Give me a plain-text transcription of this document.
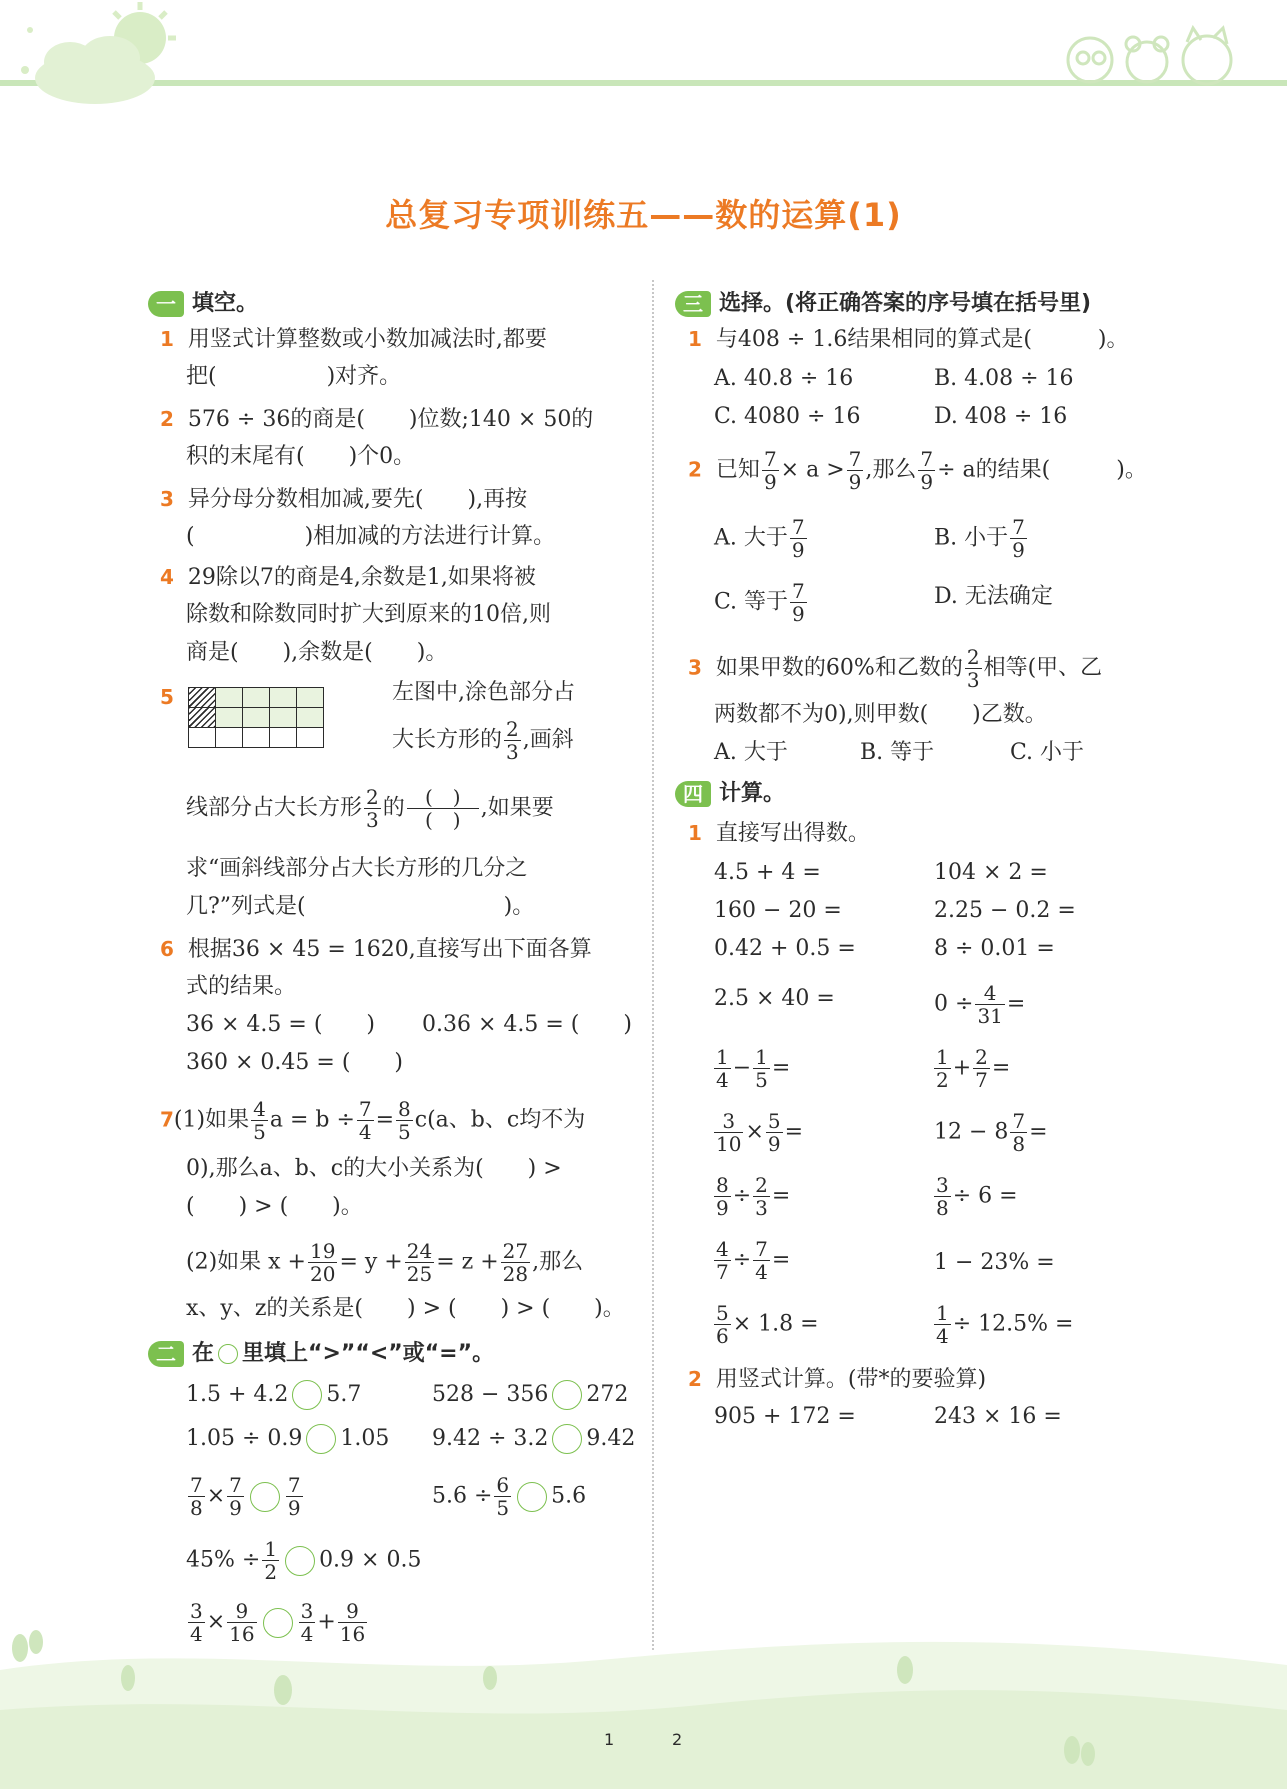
总复习专项训练五——数的运算(1)
一 填空。
1 用竖式计算整数或小数加减法时,都要
把(　　　　　)对齐。
2 576 ÷ 36的商是(　　)位数;140 × 50的
积的末尾有(　　)个0。
3 异分母分数相加减,要先(　　),再按
(　　　　　)相加减的方法进行计算。
4 29除以7的商是4,余数是1,如果将被
除数和除数同时扩大到原来的10倍,则
商是(　　),余数是(　　)。
5

					左图中,涂色部分占
大长方形的 $\frac{2}{3}$ ,画斜
线部分占大长方形 $\frac{2}{3}$ 的	(　)
(　) ,如果要
求“画斜线部分占大长方形的几分之
几?”列式是(　　　　　　　　　)。
6 根据36 × 45 = 1620,直接写出下面各算
式的结果。
36 × 4.5 = (　　) 0.36 × 4.5 = (　　)
360 × 0.45 = (　　)
7(1)如果 $\frac{4}{5}$ $a = b \div \frac{7}{4} = \frac{8}{5} c(a$、b、c均不为
0),那么a、b、c的大小关系为(　　) >
(　　) > (　　)。
(2)如果 $x + \frac{19}{20} = y + \frac{24}{25} = z + \frac{27}{28}$ ,那么
x、y、z的关系是(　　) > (　　) > (　　)。
二 在 里填上“>”“<”或“=”。
1.5 + 4.2 5.7	528 − 356 272
1.05 ÷ 0.9 1.05 9.42 ÷ 3.2 9.42
$\frac{7}{8} \times \frac{7}{9} \frac{7}{9}$	$5.6 \div \frac{6}{5} 5.6$
$45\% \div \frac{1}{2} 0.9 \times 0.5$
$\frac{3}{4} \times \frac{9}{16} \frac{3}{4} + \frac{9}{16}$
三 选择。(将正确答案的序号填在括号里)
1 与408 ÷ 1.6结果相同的算式是(　　　)。
A. 40.8 ÷ 16	B. 4.08 ÷ 16
C. 4080 ÷ 16	D. 408 ÷ 16
2 已知 $\frac{7}{9} \times a > \frac{7}{9}$ ,那么 $\frac{7}{9} \div a$的结果(　　　)。
A. 大于 $\frac{7}{9}$	B. 小于 $\frac{7}{9}$
C. 等于 $\frac{7}{9}$	D. 无法确定
3 如果甲数的60%和乙数的 $\frac{2}{3}$ 相等(甲、乙
两数都不为0),则甲数(　　)乙数。
A. 大于	B. 等于	C. 小于
四 计算。
1 直接写出得数。
4.5 + 4 =	104 × 2 =
160 − 20 =	2.25 − 0.2 =
0.42 + 0.5 =	8 ÷ 0.01 =
2.5 × 40 =	$0 \div \frac{4}{31}$ =
$\frac{1}{4} - \frac{1}{5}$ =	$\frac{1}{2} + \frac{2}{7}$ =
$\frac{3}{10} \times \frac{5}{9}$ =	$12 - 8 \frac{7}{8}$ =
$\frac{8}{9} \div \frac{2}{3}$ =	$\frac{3}{8} \div 6$ =
$\frac{4}{7} \div \frac{7}{4}$ =	1 − 23% =
$\frac{5}{6} \times 1.8$ =	$\frac{1}{4} \div 12.5\%$ =
2 用竖式计算。(带*的要验算)
905 + 172 =	243 × 16 =
1	2
